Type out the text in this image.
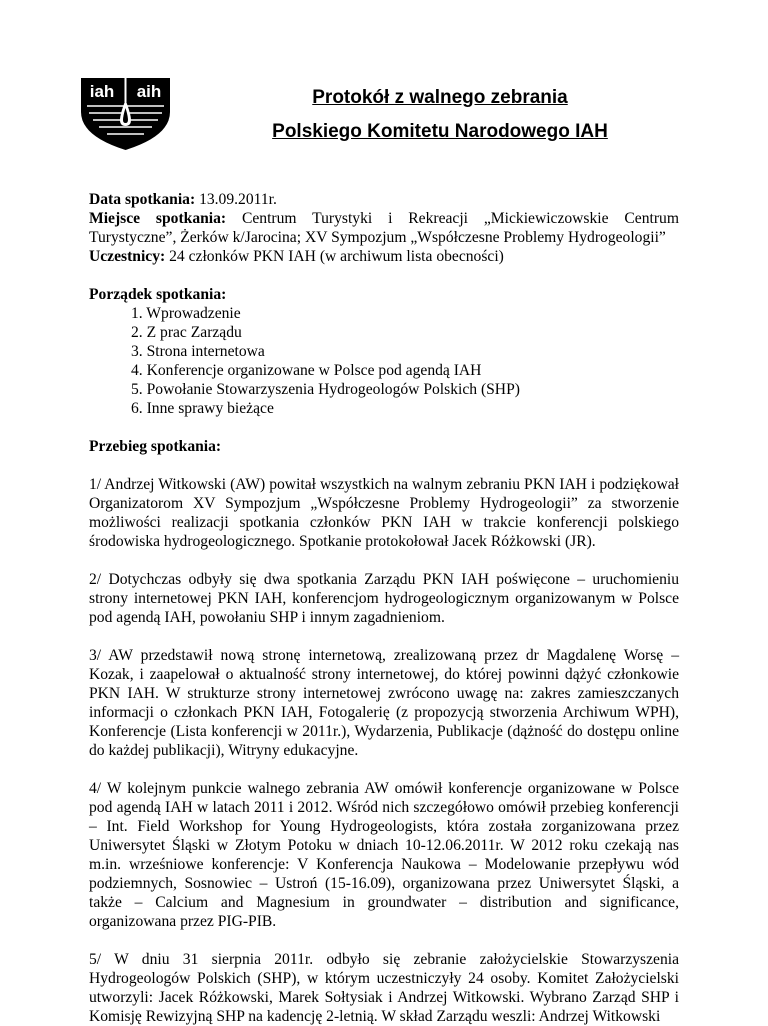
iah aih	Protokół z walnego zebrania
Polskiego Komitetu Narodowego IAH

Data spotkania: 13.09.2011r.

Miejsce spotkania: Centrum Turystyki i Rekreacji „Mickiewiczowskie Centrum Turystyczne”, Żerków k/Jarocina; XV Sympozjum „Współczesne Problemy Hydrogeologii”

Uczestnicy: 24 członków PKN IAH (w archiwum lista obecności)

Porządek spotkania:

1. Wprowadzenie
2. Z prac Zarządu
3. Strona internetowa
4. Konferencje organizowane w Polsce pod agendą IAH
5. Powołanie Stowarzyszenia Hydrogeologów Polskich (SHP)
6. Inne sprawy bieżące

Przebieg spotkania:

1/ Andrzej Witkowski (AW) powitał wszystkich na walnym zebraniu PKN IAH i podziękował Organizatorom XV Sympozjum „Współczesne Problemy Hydrogeologii” za stworzenie możliwości realizacji spotkania członków PKN IAH w trakcie konferencji polskiego środowiska hydrogeologicznego. Spotkanie protokołował Jacek Różkowski (JR).

2/ Dotychczas odbyły się dwa spotkania Zarządu PKN IAH poświęcone – uruchomieniu strony internetowej PKN IAH, konferencjom hydrogeologicznym organizowanym w Polsce pod agendą IAH, powołaniu SHP i innym zagadnieniom.

3/ AW przedstawił nową stronę internetową, zrealizowaną przez dr Magdalenę Worsę – Kozak, i zaapelował o aktualność strony internetowej, do której powinni dążyć członkowie PKN IAH. W strukturze strony internetowej zwrócono uwagę na: zakres zamieszczanych informacji o członkach PKN IAH, Fotogalerię (z propozycją stworzenia Archiwum WPH), Konferencje (Lista konferencji w 2011r.), Wydarzenia, Publikacje (dążność do dostępu online do każdej publikacji), Witryny edukacyjne.

4/ W kolejnym punkcie walnego zebrania AW omówił konferencje organizowane w Polsce pod agendą IAH w latach 2011 i 2012. Wśród nich szczegółowo omówił przebieg konferencji – Int. Field Workshop for Young Hydrogeologists, która została zorganizowana przez Uniwersytet Śląski w Złotym Potoku w dniach 10-12.06.2011r. W 2012 roku czekają nas m.in. wrześniowe konferencje: V Konferencja Naukowa – Modelowanie przepływu wód podziemnych, Sosnowiec – Ustroń (15-16.09), organizowana przez Uniwersytet Śląski, a także – Calcium and Magnesium in groundwater – distribution and significance, organizowana przez PIG-PIB.

5/ W dniu 31 sierpnia 2011r. odbyło się zebranie założycielskie Stowarzyszenia Hydrogeologów Polskich (SHP), w którym uczestniczyły 24 osoby. Komitet Założycielski utworzyli: Jacek Różkowski, Marek Sołtysiak i Andrzej Witkowski. Wybrano Zarząd SHP i Komisję Rewizyjną SHP na kadencję 2-letnią. W skład Zarządu weszli: Andrzej Witkowski
